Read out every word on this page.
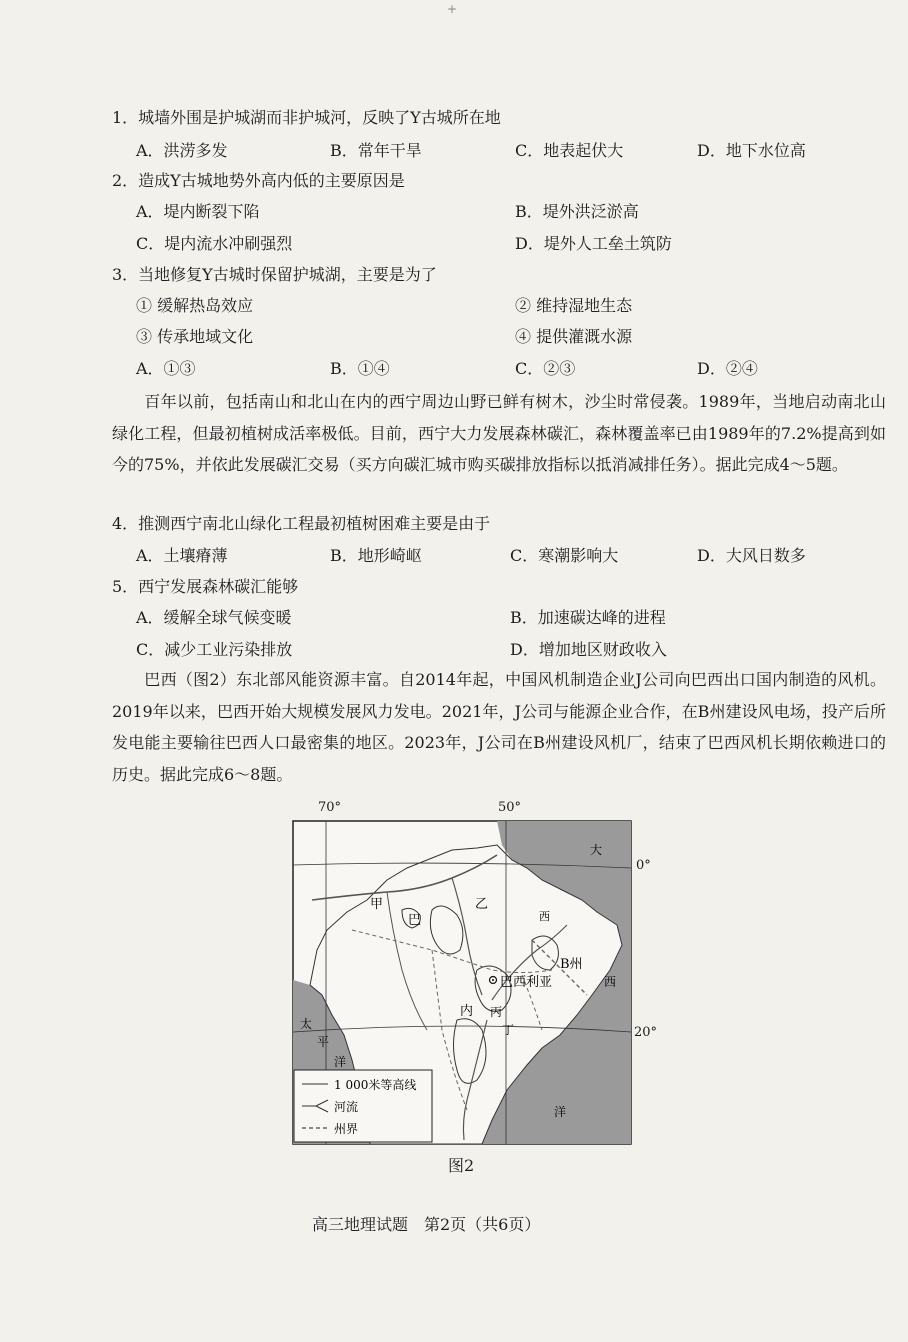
+
1．城墙外围是护城湖而非护城河，反映了Y古城所在地
A．洪涝多发	B．常年干旱	C．地表起伏大	D．地下水位高
2．造成Y古城地势外高内低的主要原因是
A．堤内断裂下陷	B．堤外洪泛淤高
C．堤内流水冲刷强烈	D．堤外人工垒土筑防
3．当地修复Y古城时保留护城湖，主要是为了
① 缓解热岛效应	② 维持湿地生态
③ 传承地域文化	④ 提供灌溉水源
A．①③	B．①④	C．②③	D．②④
百年以前，包括南山和北山在内的西宁周边山野已鲜有树木，沙尘时常侵袭。1989年，当地启动南北山绿化工程，但最初植树成活率极低。目前，西宁大力发展森林碳汇，森林覆盖率已由1989年的7.2%提高到如今的75%，并依此发展碳汇交易（买方向碳汇城市购买碳排放指标以抵消减排任务）。据此完成4～5题。
4．推测西宁南北山绿化工程最初植树困难主要是由于
A．土壤瘠薄	B．地形崎岖	C．寒潮影响大	D．大风日数多
5．西宁发展森林碳汇能够
A．缓解全球气候变暖	B．加速碳达峰的进程
C．减少工业污染排放	D．增加地区财政收入
巴西（图2）东北部风能资源丰富。自2014年起，中国风机制造企业J公司向巴西出口国内制造的风机。2019年以来，巴西开始大规模发展风力发电。2021年，J公司与能源企业合作，在B州建设风电场，投产后所发电能主要输往巴西人口最密集的地区。2023年，J公司在B州建设风机厂，结束了巴西风机长期依赖进口的历史。据此完成6～8题。
甲
巴
乙
西
B州
巴西利亚
内 丙
丁
大
西
洋
太
平
洋
1 000米等高线
河流
州界
70°	50°
0°
20°
图2
高三地理试题　第2页（共6页）
